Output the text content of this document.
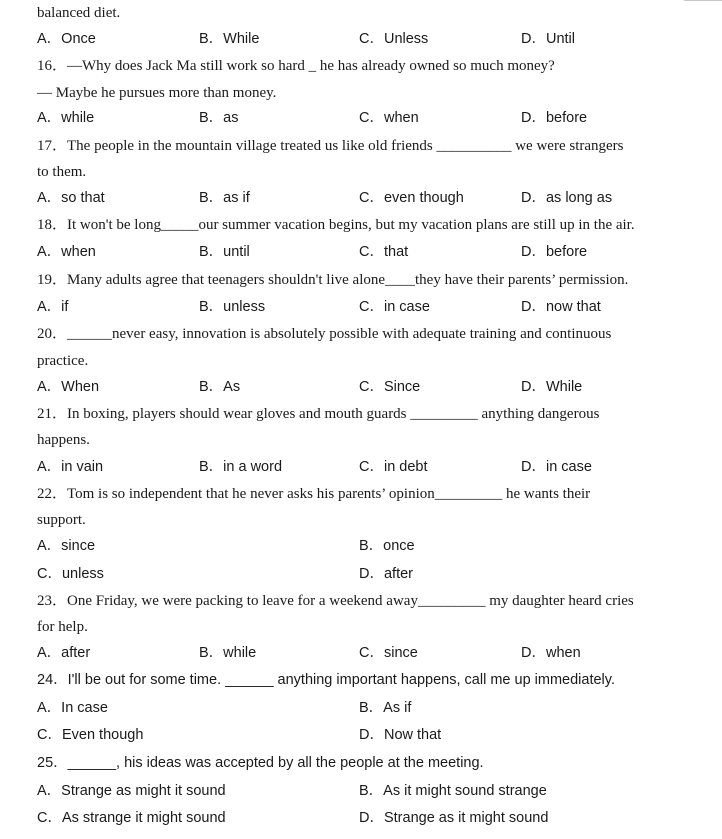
balanced diet.
A．Once	B．While	C．Unless	D．Until
16．—Why does Jack Ma still work so hard _ he has already owned so much money?
— Maybe he pursues more than money.
A．while	B．as	C．when	D．before
17．The people in the mountain village treated us like old friends __________ we were strangers
to them.
A．so that	B．as if	C．even though	D．as long as
18．It won't be long_____our summer vacation begins, but my vacation plans are still up in the air.
A．when	B．until	C．that	D．before
19．Many adults agree that teenagers shouldn't live alone____they have their parents’ permission.
A．if	B．unless	C．in case	D．now that
20．______never easy, innovation is absolutely possible with adequate training and continuous
practice.
A．When	B．As	C．Since	D．While
21．In boxing, players should wear gloves and mouth guards _________ anything dangerous
happens.
A．in vain	B．in a word	C．in debt	D．in case
22．Tom is so independent that he never asks his parents’ opinion_________ he wants their
support.
A．since	B．once
C．unless	D．after
23．One Friday, we were packing to leave for a weekend away_________ my daughter heard cries
for help.
A．after	B．while	C．since	D．when
24．I'll be out for some time. ______ anything important happens, call me up immediately.
A．In case	B．As if
C．Even though	D．Now that
25．______, his ideas was accepted by all the people at the meeting.
A．Strange as might it sound	B．As it might sound strange
C．As strange it might sound	D．Strange as it might sound
